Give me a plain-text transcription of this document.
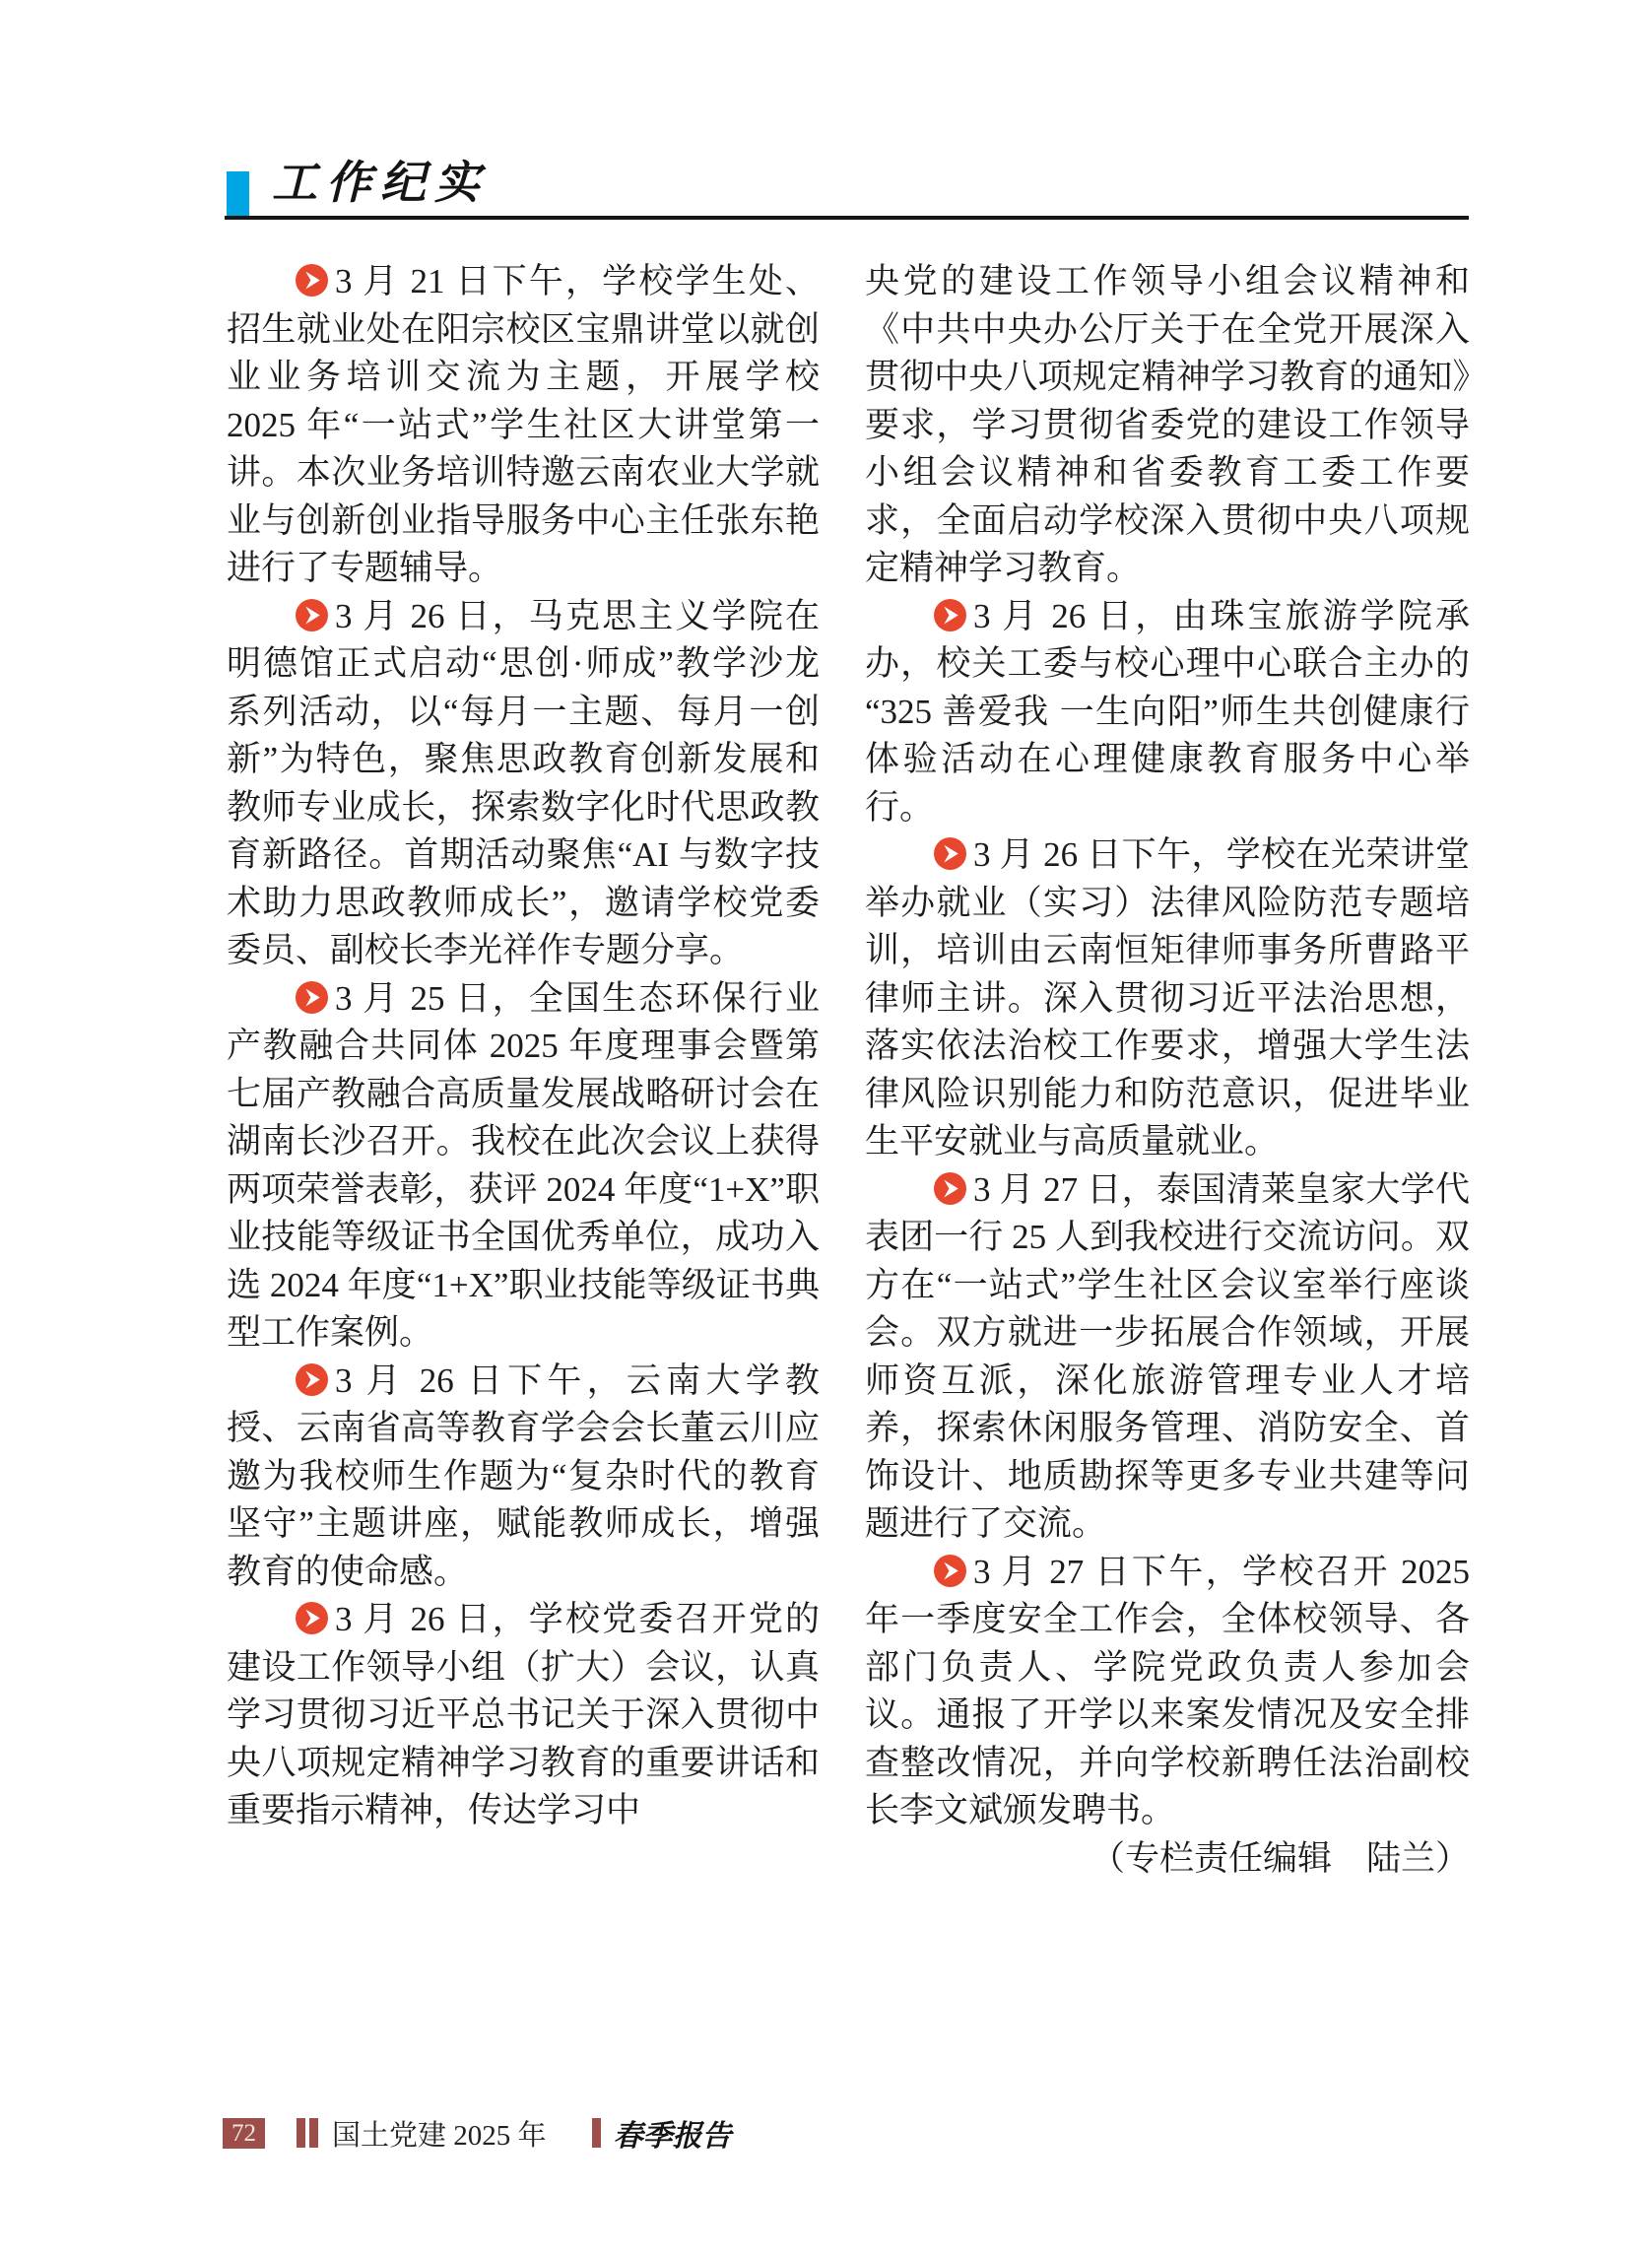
工作纪实

3 月 21 日下午，学校学生处、招生就业处在阳宗校区宝鼎讲堂以就创业业务培训交流为主题，开展学校 2025 年“一站式”学生社区大讲堂第一讲。本次业务培训特邀云南农业大学就业与创新创业指导服务中心主任张东艳进行了专题辅导。

3 月 26 日，马克思主义学院在明德馆正式启动“思创·师成”教学沙龙系列活动，以“每月一主题、每月一创新”为特色，聚焦思政教育创新发展和教师专业成长，探索数字化时代思政教育新路径。首期活动聚焦“AI 与数字技术助力思政教师成长”，邀请学校党委委员、副校长李光祥作专题分享。

3 月 25 日，全国生态环保行业产教融合共同体 2025 年度理事会暨第七届产教融合高质量发展战略研讨会在湖南长沙召开。我校在此次会议上获得两项荣誉表彰，获评 2024 年度“1+X”职业技能等级证书全国优秀单位，成功入选 2024 年度“1+X”职业技能等级证书典型工作案例。

3 月 26 日下午，云南大学教授、云南省高等教育学会会长董云川应邀为我校师生作题为“复杂时代的教育坚守”主题讲座，赋能教师成长，增强教育的使命感。

3 月 26 日，学校党委召开党的建设工作领导小组（扩大）会议，认真学习贯彻习近平总书记关于深入贯彻中央八项规定精神学习教育的重要讲话和重要指示精神，传达学习中

央党的建设工作领导小组会议精神和《中共中央办公厅关于在全党开展深入贯彻中央八项规定精神学习教育的通知》要求，学习贯彻省委党的建设工作领导小组会议精神和省委教育工委工作要求，全面启动学校深入贯彻中央八项规定精神学习教育。

3 月 26 日，由珠宝旅游学院承办，校关工委与校心理中心联合主办的“325 善爱我 一生向阳”师生共创健康行体验活动在心理健康教育服务中心举行。

3 月 26 日下午，学校在光荣讲堂举办就业（实习）法律风险防范专题培训，培训由云南恒矩律师事务所曹路平律师主讲。深入贯彻习近平法治思想，落实依法治校工作要求，增强大学生法律风险识别能力和防范意识，促进毕业生平安就业与高质量就业。

3 月 27 日，泰国清莱皇家大学代表团一行 25 人到我校进行交流访问。双方在“一站式”学生社区会议室举行座谈会。双方就进一步拓展合作领域，开展师资互派，深化旅游管理专业人才培养，探索休闲服务管理、消防安全、首饰设计、地质勘探等更多专业共建等问题进行了交流。

3 月 27 日下午，学校召开 2025 年一季度安全工作会，全体校领导、各部门负责人、学院党政负责人参加会议。通报了开学以来案发情况及安全排查整改情况，并向学校新聘任法治副校长李文斌颁发聘书。

（专栏责任编辑　陆兰）

72	国土党建 2025 年 春季报告
